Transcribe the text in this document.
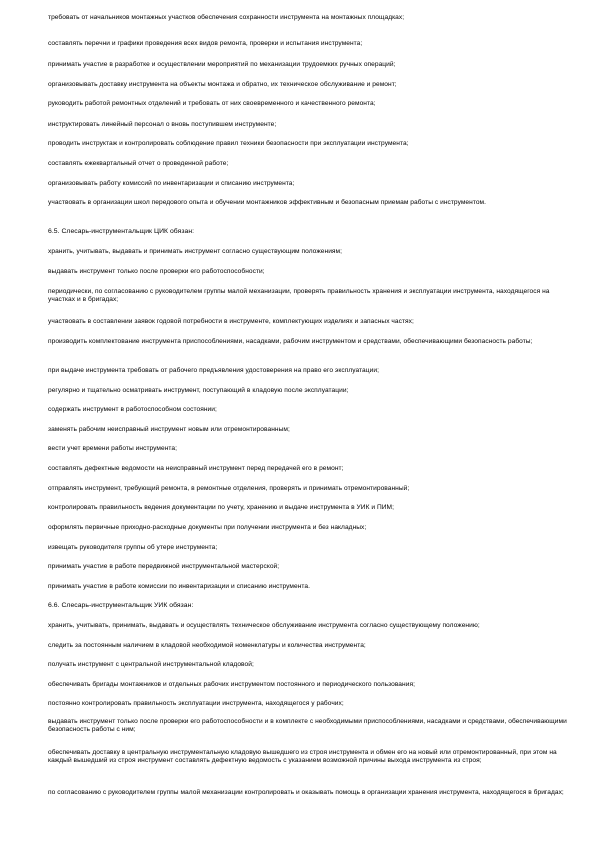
требовать от начальников монтажных участков обеспечения сохранности инструмента на монтажных площадках;

составлять перечни и графики проведения всех видов ремонта, проверки и испытания инструмента;

принимать участие в разработке и осуществлении мероприятий по механизации трудоемких ручных операций;

организовывать доставку инструмента на объекты монтажа и обратно, их техническое обслуживание и ремонт;

руководить работой ремонтных отделений и требовать от них своевременного и качественного ремонта;

инструктировать линейный персонал о вновь поступившем инструменте;

проводить инструктаж и контролировать соблюдение правил техники безопасности при эксплуатации инструмента;

составлять ежеквартальный отчет о проведенной работе;

организовывать работу комиссий по инвентаризации и списанию инструмента;

участвовать в организации школ передового опыта и обучении монтажников эффективным и безопасным приемам работы с инструментом.

6.5. Слесарь-инструментальщик ЦИК обязан:

хранить, учитывать, выдавать и принимать инструмент согласно существующим положениям;

выдавать инструмент только после проверки его работоспособности;

периодически, по согласованию с руководителем группы малой механизации, проверять правильность хранения и эксплуатации инструмента, находящегося на участках и в бригадах;

участвовать в составлении заявок годовой потребности в инструменте, комплектующих изделиях и запасных частях;

производить комплектование инструмента приспособлениями, насадками, рабочим инструментом и средствами, обеспечивающими безопасность работы;

при выдаче инструмента требовать от рабочего предъявления удостоверения на право его эксплуатации;

регулярно и тщательно осматривать инструмент, поступающий в кладовую после эксплуатации;

содержать инструмент в работоспособном состоянии;

заменять рабочим неисправный инструмент новым или отремонтированным;

вести учет времени работы инструмента;

составлять дефектные ведомости на неисправный инструмент перед передачей его в ремонт;

отправлять инструмент, требующий ремонта, в ремонтные отделения, проверять и принимать отремонтированный;

контролировать правильность ведения документации по учету, хранению и выдаче инструмента в УИК и ПИМ;

оформлять первичные приходно-расходные документы при получении инструмента и без накладных;

извещать руководителя группы об утере инструмента;

принимать участие в работе передвижной инструментальной мастерской;

принимать участие в работе комиссии по инвентаризации и списанию инструмента.

6.6. Слесарь-инструментальщик УИК обязан:

хранить, учитывать, принимать, выдавать и осуществлять техническое обслуживание инструмента согласно существующему положению;

следить за постоянным наличием в кладовой необходимой номенклатуры и количества инструмента;

получать инструмент с центральной инструментальной кладовой;

обеспечивать бригады монтажников и отдельных рабочих инструментом постоянного и периодического пользования;

постоянно контролировать правильность эксплуатации инструмента, находящегося у рабочих;

выдавать инструмент только после проверки его работоспособности и в комплекте с необходимыми приспособлениями, насадками и средствами, обеспечивающими безопасность работы с ним;

обеспечивать доставку в центральную инструментальную кладовую вышедшего из строя инструмента и обмен его на новый или отремонтированный, при этом на каждый вышедший из строя инструмент составлять дефектную ведомость с указанием возможной причины выхода инструмента из строя;

по согласованию с руководителем группы малой механизации контролировать и оказывать помощь в организации хранения инструмента, находящегося в бригадах;
